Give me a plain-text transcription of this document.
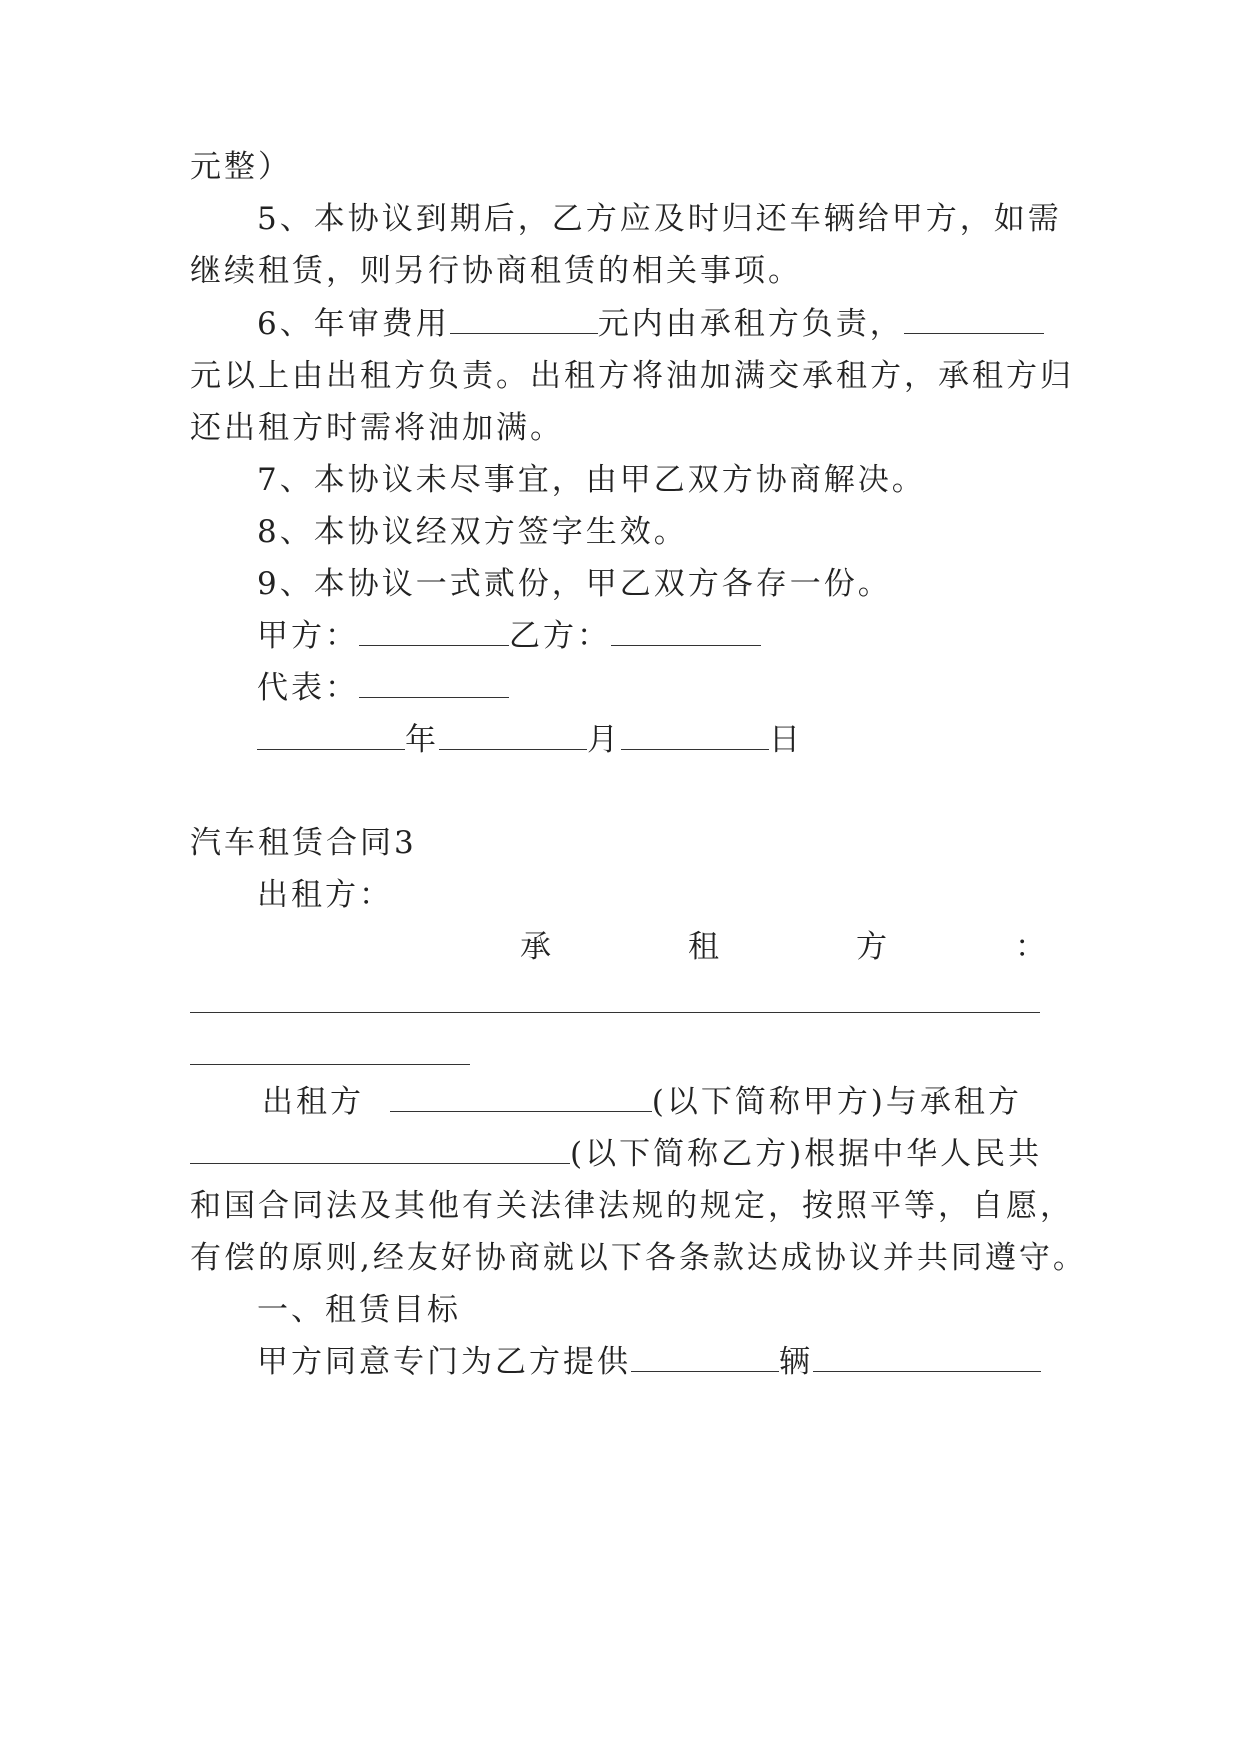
元整）
5、本协议到期后，乙方应及时归还车辆给甲方，如需
继续租赁，则另行协商租赁的相关事项。
6、年审费用	元内由承租方负责，
元以上由出租方负责。出租方将油加满交承租方，承租方归
还出租方时需将油加满。
7、本协议未尽事宜，由甲乙双方协商解决。
8、本协议经双方签字生效。
9、本协议一式贰份，甲乙双方各存一份。
甲方：	乙方：
代表：
年	月	日
汽车租赁合同3
出租方：
承	租	方	：
出租方	(以下简称甲方)与承租方
(以下简称乙方)根据中华人民共
和国合同法及其他有关法律法规的规定，按照平等，自愿，
有偿的原则,经友好协商就以下各条款达成协议并共同遵守。
一、租赁目标
甲方同意专门为乙方提供	辆
